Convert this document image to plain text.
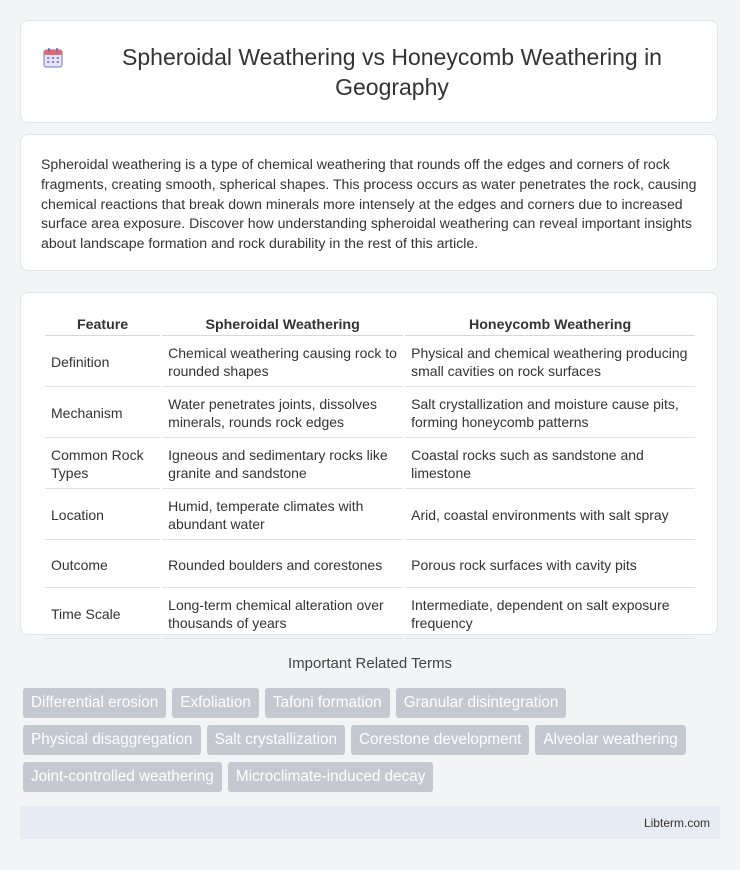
Spheroidal Weathering vs Honeycomb Weathering in Geography

Spheroidal weathering is a type of chemical weathering that rounds off the edges and corners of rock fragments, creating smooth, spherical shapes. This process occurs as water penetrates the rock, causing chemical reactions that break down minerals more intensely at the edges and corners due to increased surface area exposure. Discover how understanding spheroidal weathering can reveal important insights about landscape formation and rock durability in the rest of this article.

Feature	Spheroidal Weathering	Honeycomb Weathering
Definition	Chemical weathering causing rock to rounded shapes	Physical and chemical weathering producing small cavities on rock surfaces
Mechanism	Water penetrates joints, dissolves minerals, rounds rock edges	Salt crystallization and moisture cause pits, forming honeycomb patterns
Common Rock Types	Igneous and sedimentary rocks like granite and sandstone	Coastal rocks such as sandstone and limestone
Location	Humid, temperate climates with abundant water	Arid, coastal environments with salt spray
Outcome	Rounded boulders and corestones	Porous rock surfaces with cavity pits
Time Scale	Long-term chemical alteration over thousands of years	Intermediate, dependent on salt exposure frequency
Important Related Terms
Differential erosion	Exfoliation	Tafoni formation	Granular disintegration
Physical disaggregation	Salt crystallization	Corestone development	Alveolar weathering
Joint-controlled weathering	Microclimate-induced decay
Libterm.com
